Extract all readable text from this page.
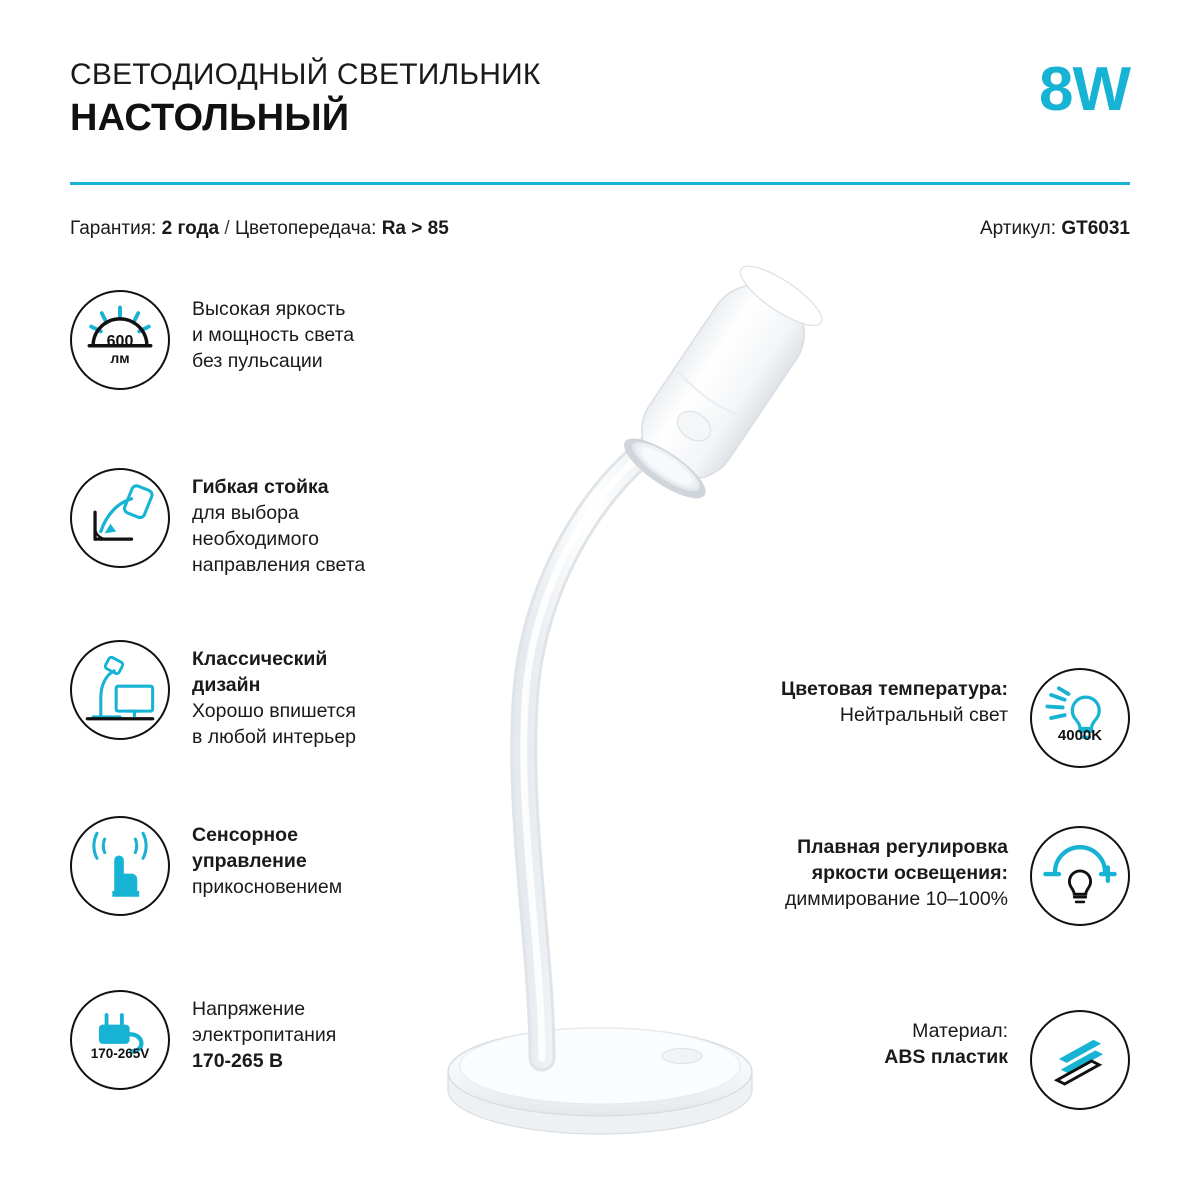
СВЕТОДИОДНЫЙ СВЕТИЛЬНИК
НАСТОЛЬНЫЙ	8W
Гарантия: 2 года / Цветопередача: Ra > 85	Артикул: GT6031
600
лм
Высокая яркость
и мощность света
без пульсации
Гибкая стойка
для выбора
необходимого
направления света
Классический
дизайн
Хорошо впишется
в любой интерьер
Сенсорное
управление
прикосновением
170-265V
Напряжение
электропитания
170-265 В
Цветовая температура:
Нейтральный свет
4000K
Плавная регулировка
яркости освещения:
диммирование 10–100%
Материал:
ABS пластик
